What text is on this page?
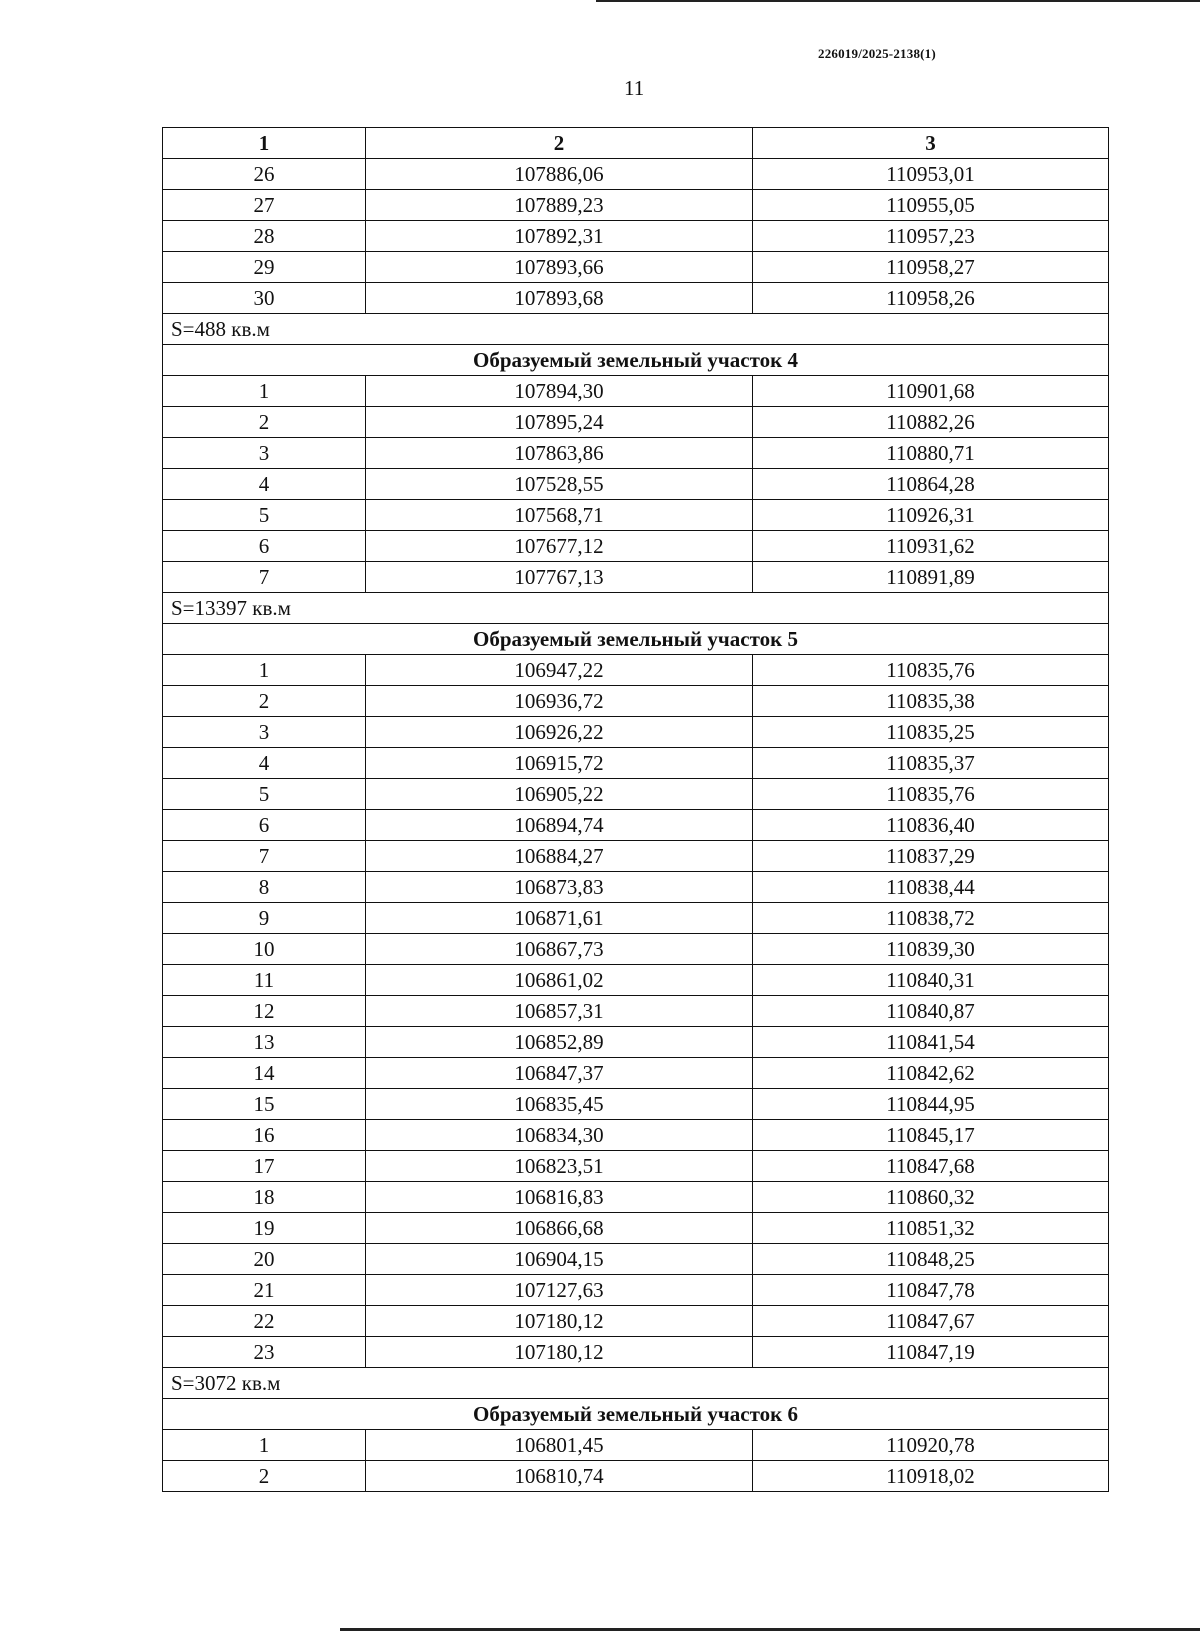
226019/2025-2138(1)
11
1	2	3
26	107886,06	110953,01
27	107889,23	110955,05
28	107892,31	110957,23
29	107893,66	110958,27
30	107893,68	110958,26
S=488 кв.м		
Образуемый земельный участок 4		
1	107894,30	110901,68
2	107895,24	110882,26
3	107863,86	110880,71
4	107528,55	110864,28
5	107568,71	110926,31
6	107677,12	110931,62
7	107767,13	110891,89
S=13397 кв.м		
Образуемый земельный участок 5		
1	106947,22	110835,76
2	106936,72	110835,38
3	106926,22	110835,25
4	106915,72	110835,37
5	106905,22	110835,76
6	106894,74	110836,40
7	106884,27	110837,29
8	106873,83	110838,44
9	106871,61	110838,72
10	106867,73	110839,30
11	106861,02	110840,31
12	106857,31	110840,87
13	106852,89	110841,54
14	106847,37	110842,62
15	106835,45	110844,95
16	106834,30	110845,17
17	106823,51	110847,68
18	106816,83	110860,32
19	106866,68	110851,32
20	106904,15	110848,25
21	107127,63	110847,78
22	107180,12	110847,67
23	107180,12	110847,19
S=3072 кв.м		
Образуемый земельный участок 6		
1	106801,45	110920,78
2	106810,74	110918,02
